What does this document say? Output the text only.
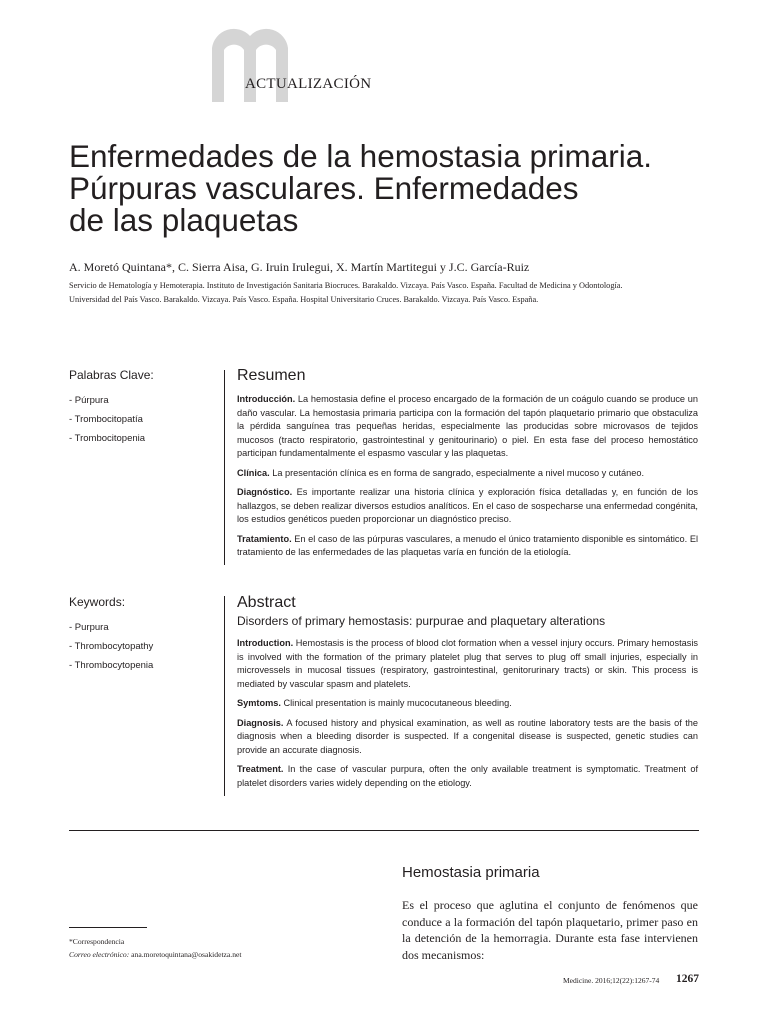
ACTUALIZACIÓN
Enfermedades de la hemostasia primaria.
Púrpuras vasculares. Enfermedades
de las plaquetas
A. Moretó Quintana*, C. Sierra Aisa, G. Iruin Irulegui, X. Martín Martitegui y J.C. García-Ruiz

Servicio de Hematología y Hemoterapia. Instituto de Investigación Sanitaria Biocruces. Barakaldo. Vizcaya. País Vasco. España. Facultad de Medicina y Odontología.
Universidad del País Vasco. Barakaldo. Vizcaya. País Vasco. España. Hospital Universitario Cruces. Barakaldo. Vizcaya. País Vasco. España.

Palabras Clave:
- Púrpura
- Trombocitopatía
- Trombocitopenia
Keywords:
- Purpura
- Thrombocytopathy
- Thrombocytopenia
Resumen

Introducción. La hemostasia define el proceso encargado de la formación de un coágulo cuando se produce un daño vascular. La hemostasia primaria participa con la formación del tapón plaquetario primario que obstaculiza la pérdida sanguínea tras pequeñas heridas, especialmente las producidas sobre microvasos de tejidos mucosos (tracto respiratorio, gastrointestinal y genitourinario) o piel. En esta fase del proceso hemostático participan fundamentalmente el espasmo vascular y las plaquetas.

Clínica. La presentación clínica es en forma de sangrado, especialmente a nivel mucoso y cutáneo.

Diagnóstico. Es importante realizar una historia clínica y exploración física detalladas y, en función de los hallazgos, se deben realizar diversos estudios analíticos. En el caso de sospecharse una enfermedad congénita, los estudios genéticos pueden proporcionar un diagnóstico preciso.

Tratamiento. En el caso de las púrpuras vasculares, a menudo el único tratamiento disponible es sintomático. El tratamiento de las enfermedades de las plaquetas varía en función de la etiología.

Abstract
Disorders of primary hemostasis: purpurae and plaquetary alterations

Introduction. Hemostasis is the process of blood clot formation when a vessel injury occurs. Primary hemostasis is involved with the formation of the primary platelet plug that serves to plug off small injuries, especially in microvessels in mucosal tissues (respiratory, gastrointestinal, genitorurinary tracts) or skin. This process is mediated by vascular spasm and platelets.

Symtoms. Clinical presentation is mainly mucocutaneous bleeding.

Diagnosis. A focused history and physical examination, as well as routine laboratory tests are the basis of the diagnosis when a bleeding disorder is suspected. If a congenital disease is suspected, genetic studies can provide an accurate diagnosis.

Treatment. In the case of vascular purpura, often the only available treatment is symptomatic. Treatment of platelet disorders varies widely depending on the etiology.

Hemostasia primaria

Es el proceso que aglutina el conjunto de fenómenos que conduce a la formación del tapón plaquetario, primer paso en la detención de la hemorragia. Durante esta fase intervienen dos mecanismos:

*Correspondencia
Correo electrónico: ana.moretoquintana@osakidetza.net
Medicine. 2016;12(22):1267-74 1267
